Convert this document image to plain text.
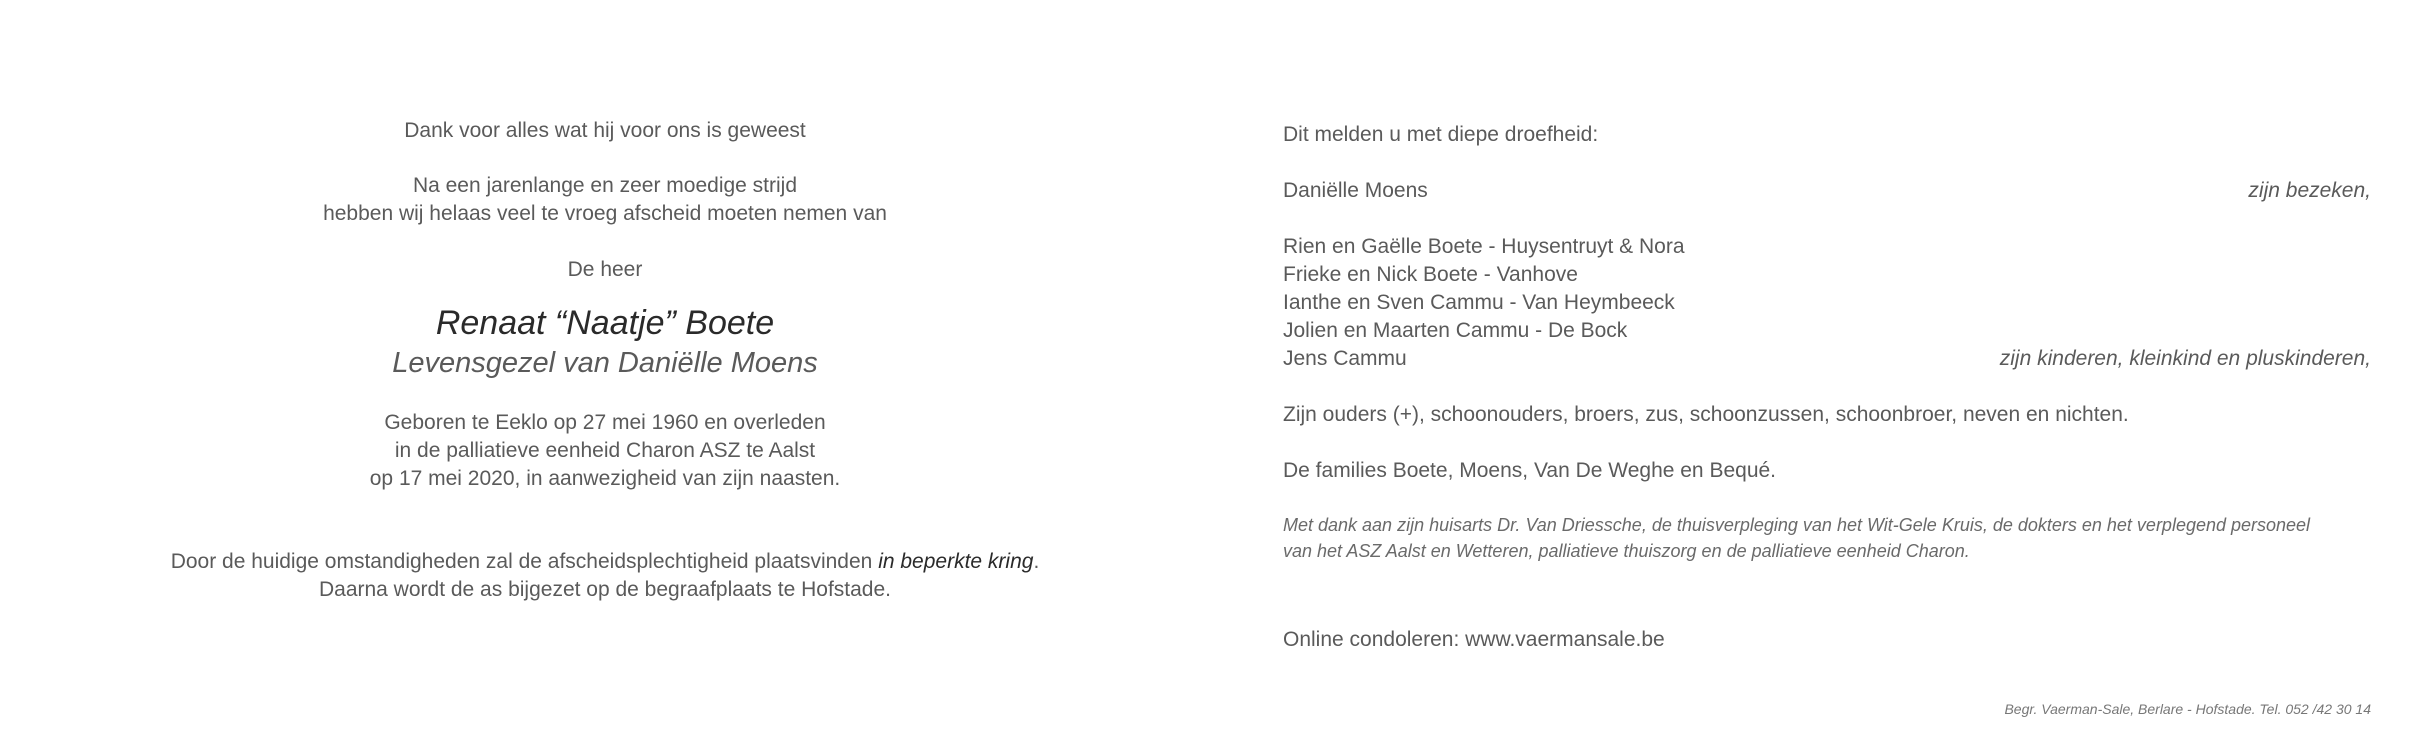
Dank voor alles wat hij voor ons is geweest

Na een jarenlange en zeer moedige strijd

hebben wij helaas veel te vroeg afscheid moeten nemen van

De heer

Renaat “Naatje” Boete

Levensgezel van Daniëlle Moens

Geboren te Eeklo op 27 mei 1960 en overleden

in de palliatieve eenheid Charon ASZ te Aalst

op 17 mei 2020, in aanwezigheid van zijn naasten.

Door de huidige omstandigheden zal de afscheidsplechtigheid plaatsvinden in beperkte kring.

Daarna wordt de as bijgezet op de begraafplaats te Hofstade.

Dit melden u met diepe droefheid:

Daniëlle Moens	zijn bezeken,
Rien en Gaëlle Boete - Huysentruyt & Nora
Frieke en Nick Boete - Vanhove
Ianthe en Sven Cammu - Van Heymbeeck
Jolien en Maarten Cammu - De Bock
Jens Cammu	zijn kinderen, kleinkind en pluskinderen,

Zijn ouders (+), schoonouders, broers, zus, schoonzussen, schoonbroer, neven en nichten.

De families Boete, Moens, Van De Weghe en Bequé.

Met dank aan zijn huisarts Dr. Van Driessche, de thuisverpleging van het Wit-Gele Kruis, de dokters en het verplegend personeel

van het ASZ Aalst en Wetteren, palliatieve thuiszorg en de palliatieve eenheid Charon.

Online condoleren: www.vaermansale.be

Begr. Vaerman-Sale, Berlare - Hofstade. Tel. 052 /42 30 14
